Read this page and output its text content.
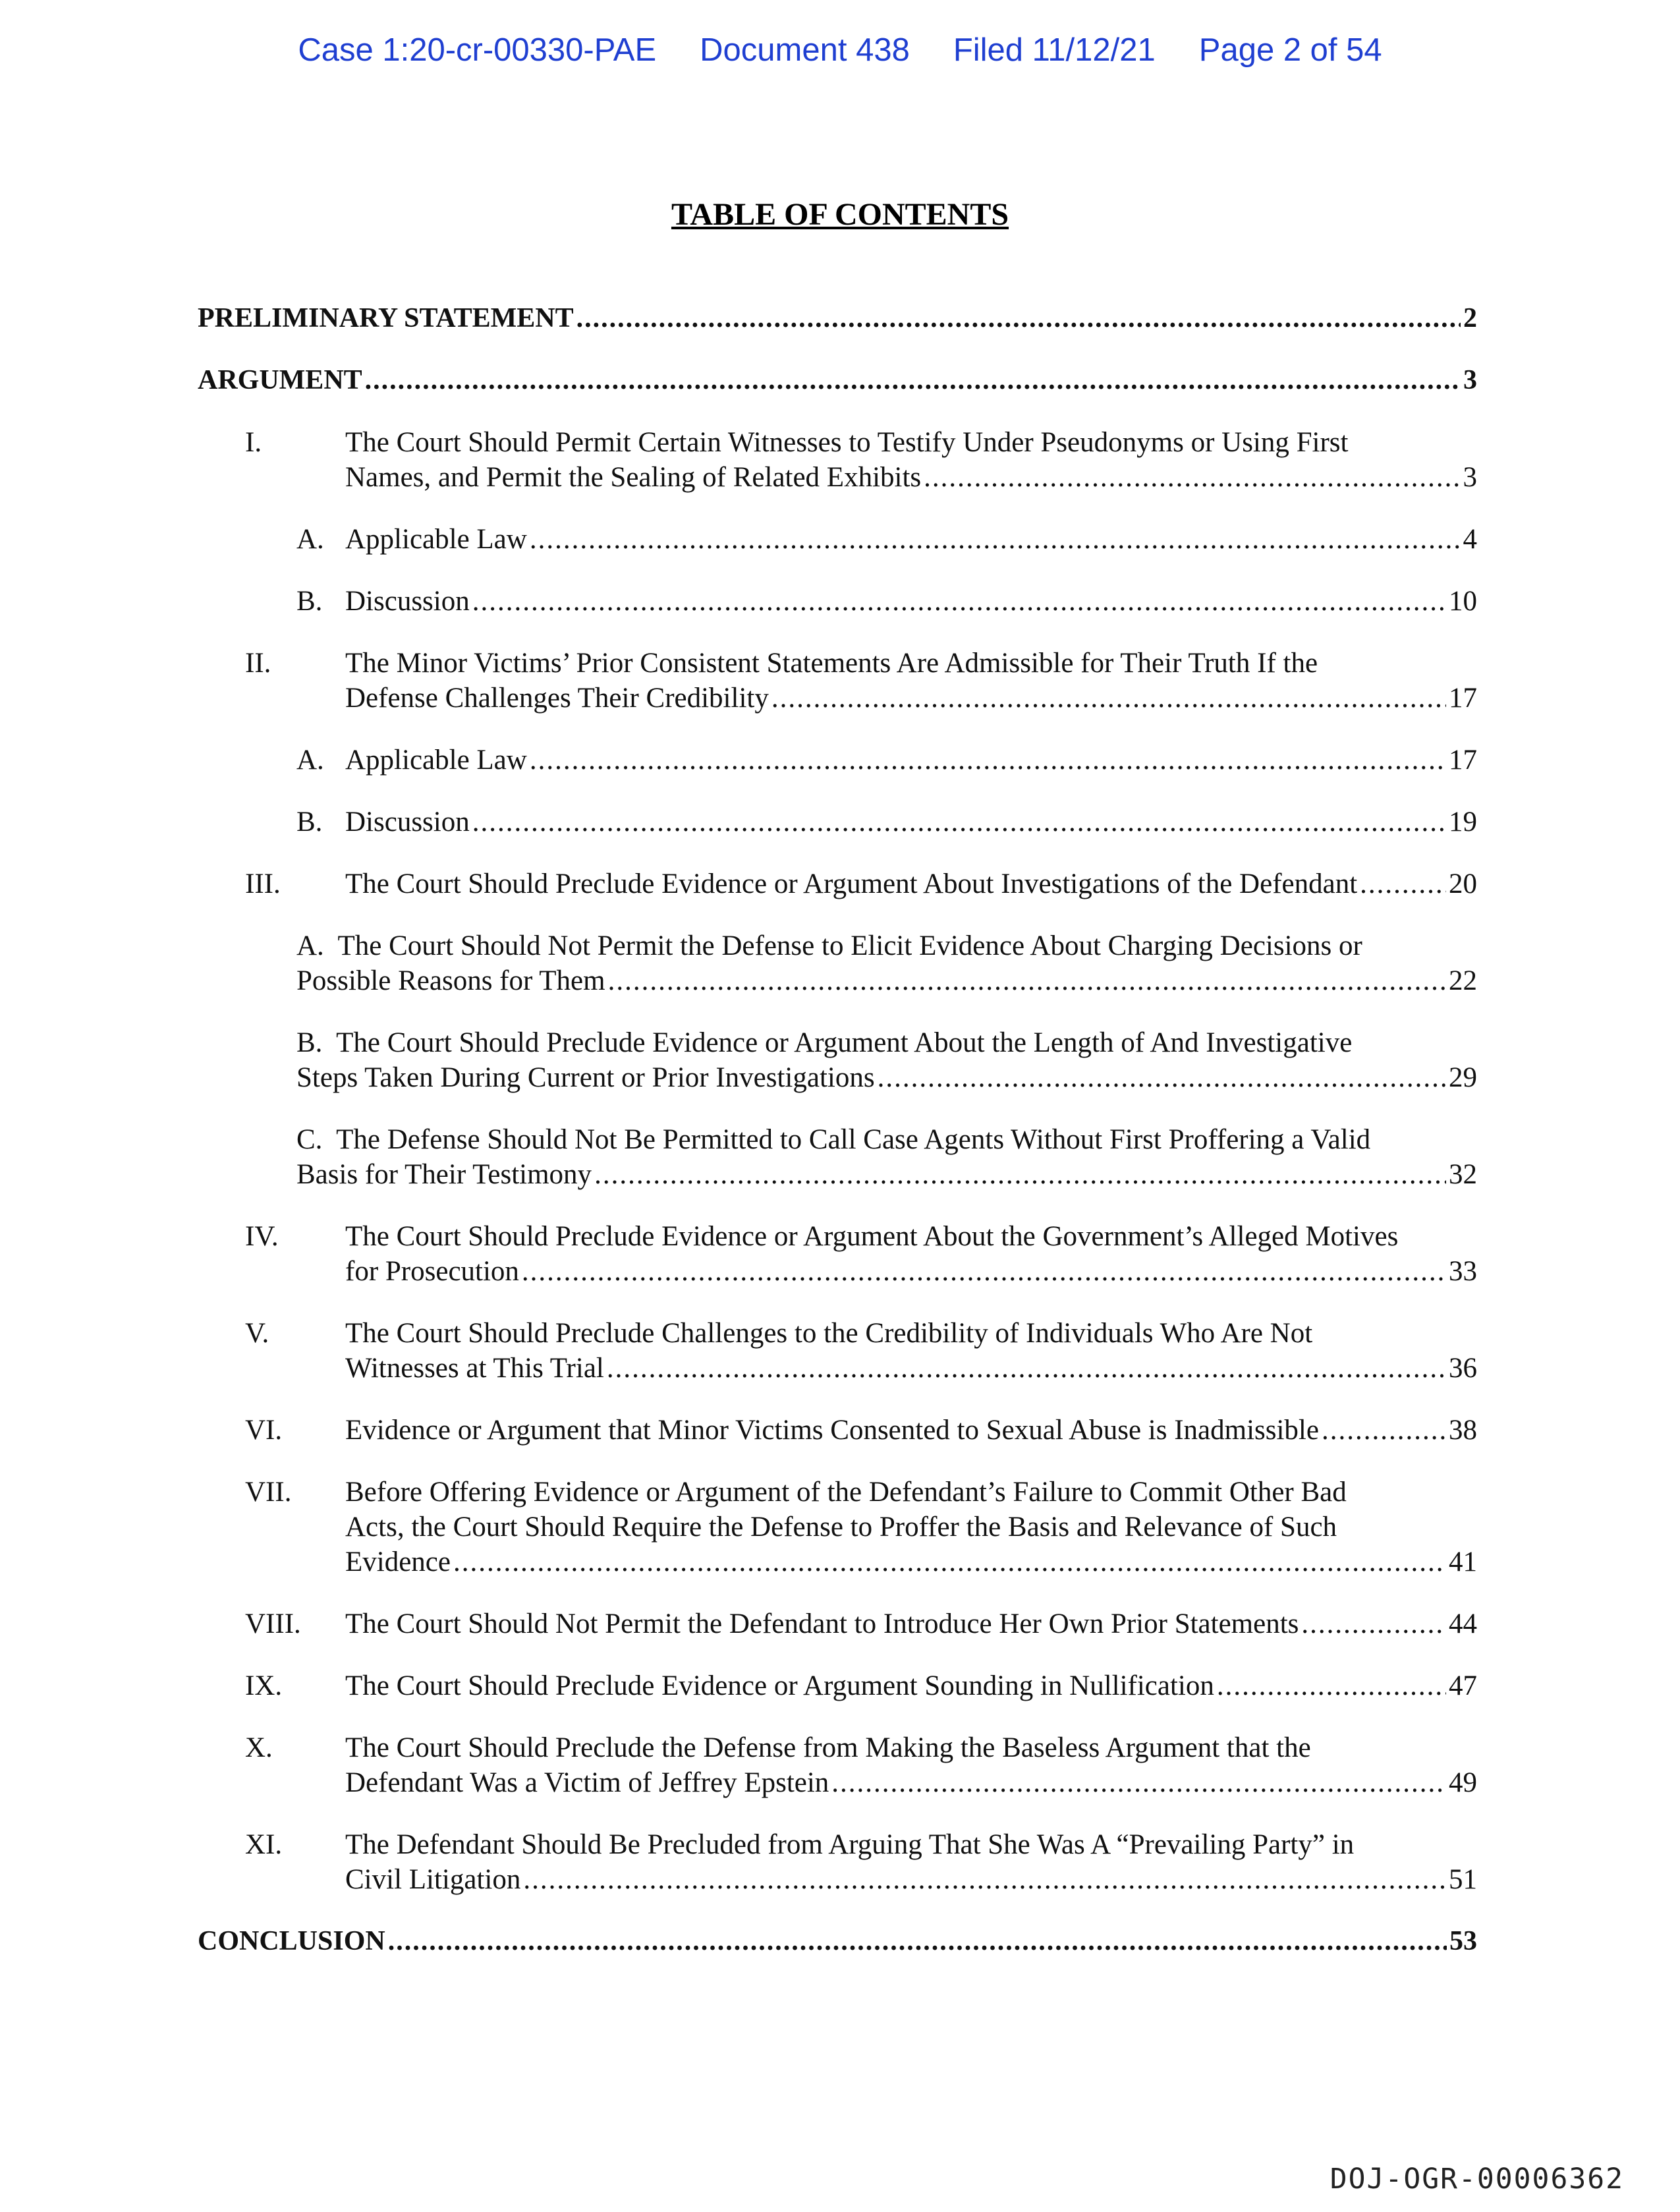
Case 1:20-cr-00330-PAE Document 438 Filed 11/12/21 Page 2 of 54
TABLE OF CONTENTS
PRELIMINARY STATEMENT .....	2
ARGUMENT .....	3
I.	The Court Should Permit Certain Witnesses to Testify Under Pseudonyms or Using First
Names, and Permit the Sealing of Related Exhibits .....	3
A. Applicable Law .....	4
B. Discussion .....	10
II.	The Minor Victims’ Prior Consistent Statements Are Admissible for Their Truth If the
Defense Challenges Their Credibility .....	17
A. Applicable Law .....	17
B. Discussion .....	19
III. The Court Should Preclude Evidence or Argument About Investigations of the Defendant .....	20
A.  The Court Should Not Permit the Defense to Elicit Evidence About Charging Decisions or
Possible Reasons for Them .....	22
B.  The Court Should Preclude Evidence or Argument About the Length of And Investigative
Steps Taken During Current or Prior Investigations .....	29
C.  The Defense Should Not Be Permitted to Call Case Agents Without First Proffering a Valid
Basis for Their Testimony .....	32
IV. The Court Should Preclude Evidence or Argument About the Government’s Alleged Motives
for Prosecution .....	33
V.	The Court Should Preclude Challenges to the Credibility of Individuals Who Are Not
Witnesses at This Trial .....	36
VI. Evidence or Argument that Minor Victims Consented to Sexual Abuse is Inadmissible .....	38
VII. Before Offering Evidence or Argument of the Defendant’s Failure to Commit Other Bad
Acts, the Court Should Require the Defense to Proffer the Basis and Relevance of Such
Evidence .....	41
VIII. The Court Should Not Permit the Defendant to Introduce Her Own Prior Statements .....	44
IX. The Court Should Preclude Evidence or Argument Sounding in Nullification .....	47
X.	The Court Should Preclude the Defense from Making the Baseless Argument that the
Defendant Was a Victim of Jeffrey Epstein .....	49
XI. The Defendant Should Be Precluded from Arguing That She Was A “Prevailing Party” in
Civil Litigation .....	51
CONCLUSION .....	53
DOJ-OGR-00006362
